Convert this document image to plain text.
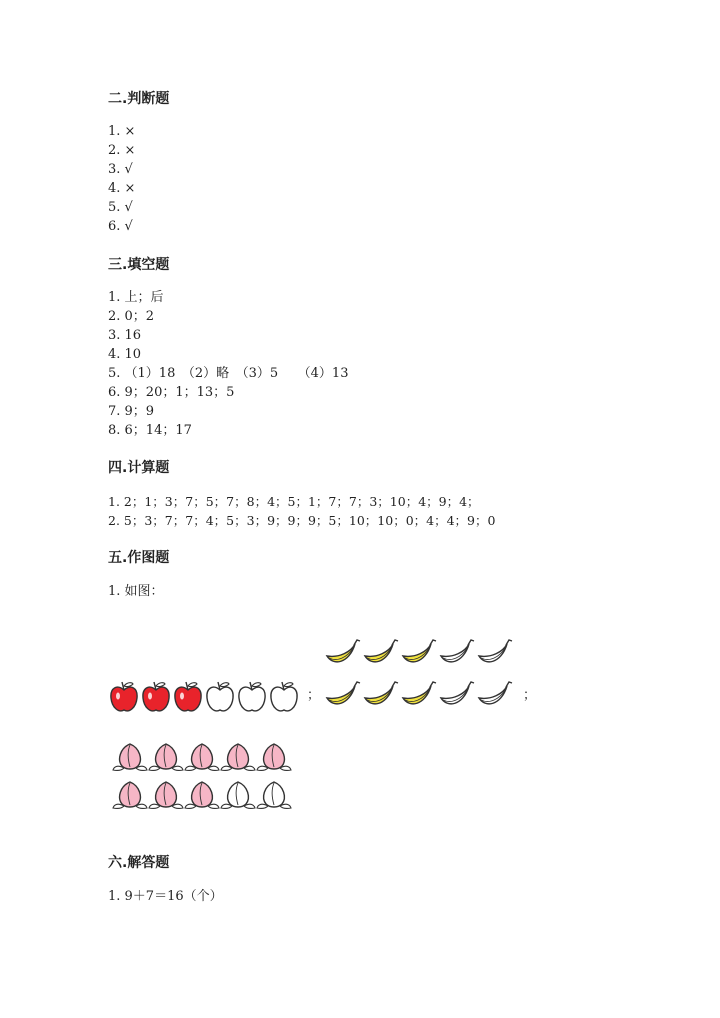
二.判断题
1. ×
2. ×
3. √
4. ×
5. √
6. √
三.填空题
1. 上；后
2. 0；2
3. 16
4. 10
5. （1）18　（2）略　（3）5　　（4）13
6. 9；20；1；13；5
7. 9；9
8. 6；14；17
四.计算题
1. 2；1；3；7；5；7；8；4；5；1；7；7；3；10；4；9；4；
2. 5；3；7；7；4；5；3；9；9；9；5；10；10；0；4；4；9；0
五.作图题
1. 如图：
；	；
六.解答题
1. 9＋7＝16（个）
